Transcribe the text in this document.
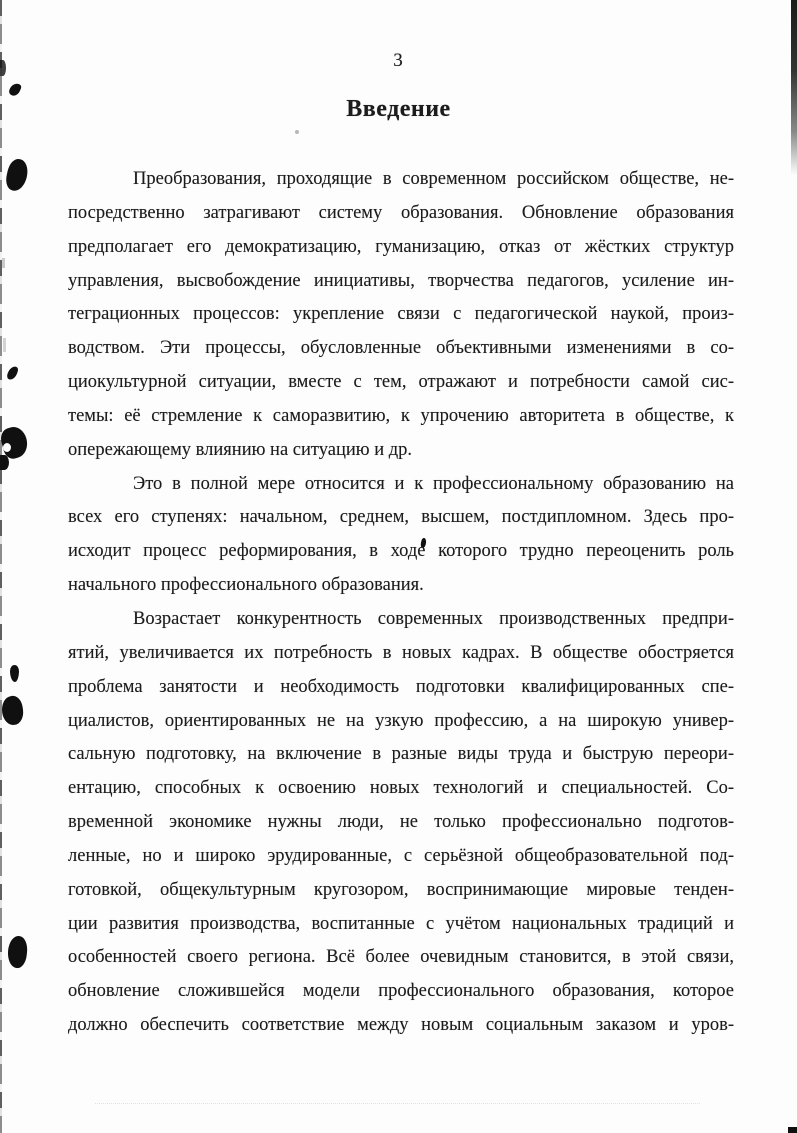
3
Введение
Преобразования, проходящие в современном российском обществе, не-
посредственно затрагивают систему образования. Обновление образования
предполагает его демократизацию, гуманизацию, отказ от жёстких структур
управления, высвобождение инициативы, творчества педагогов, усиление ин-
теграционных процессов: укрепление связи с педагогической наукой, произ-
водством. Эти процессы, обусловленные объективными изменениями в со-
циокультурной ситуации, вместе с тем, отражают и потребности самой сис-
темы: её стремление к саморазвитию, к упрочению авторитета в обществе, к
опережающему влиянию на ситуацию и др.
Это в полной мере относится и к профессиональному образованию на
всех его ступенях: начальном, среднем, высшем, постдипломном. Здесь про-
исходит процесс реформирования, в ходе которого трудно переоценить роль
начального профессионального образования.
Возрастает конкурентность современных производственных предпри-
ятий, увеличивается их потребность в новых кадрах. В обществе обостряется
проблема занятости и необходимость подготовки квалифицированных спе-
циалистов, ориентированных не на узкую профессию, а на широкую универ-
сальную подготовку, на включение в разные виды труда и быструю переори-
ентацию, способных к освоению новых технологий и специальностей. Со-
временной экономике нужны люди, не только профессионально подготов-
ленные, но и широко эрудированные, с серьёзной общеобразовательной под-
готовкой, общекультурным кругозором, воспринимающие мировые тенден-
ции развития производства, воспитанные с учётом национальных традиций и
особенностей своего региона. Всё более очевидным становится, в этой связи,
обновление сложившейся модели профессионального образования, которое
должно обеспечить соответствие между новым социальным заказом и уров-
